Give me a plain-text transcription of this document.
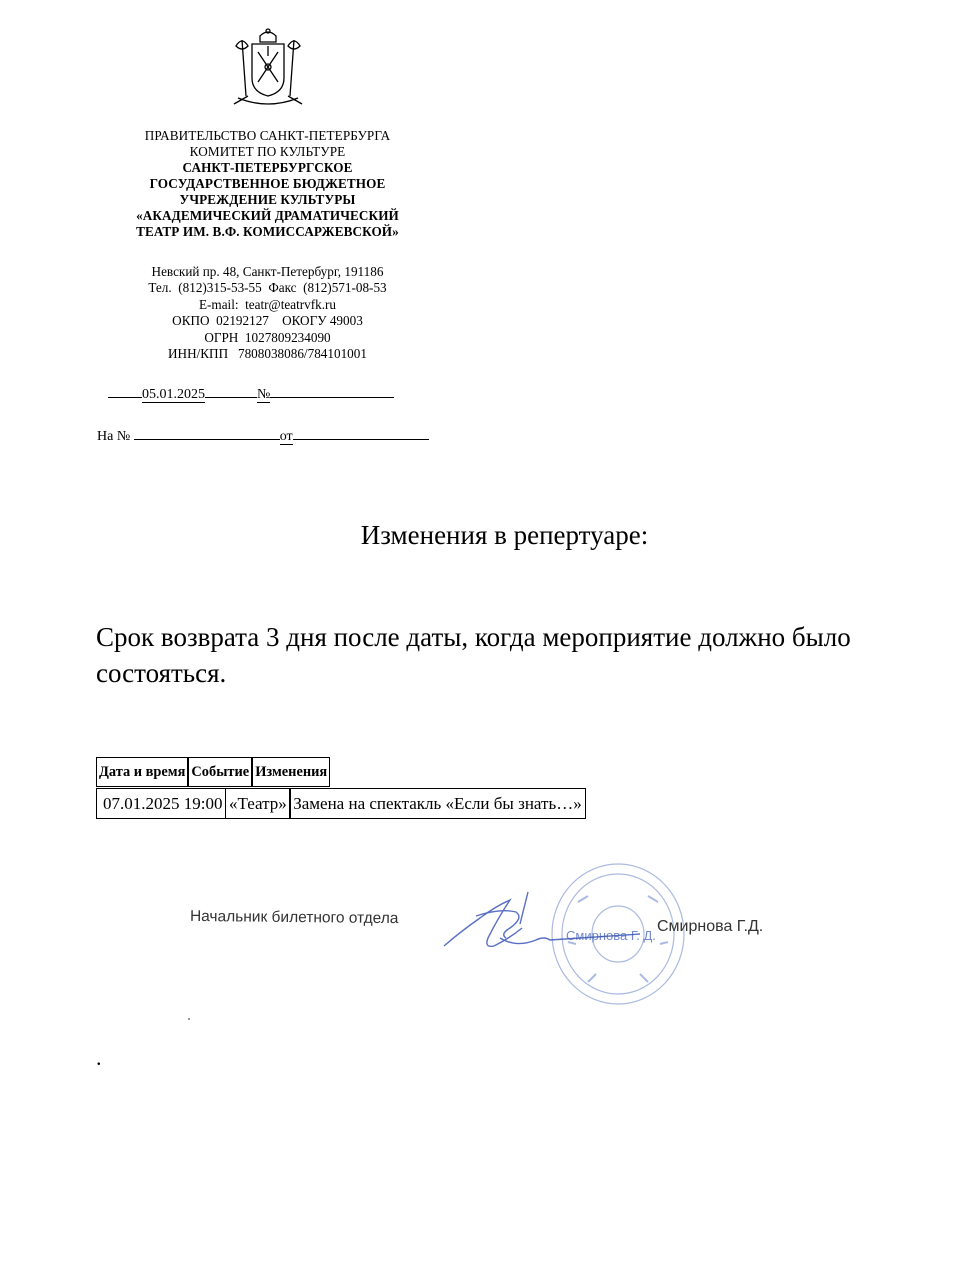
ПРАВИТЕЛЬСТВО САНКТ-ПЕТЕРБУРГА
КОМИТЕТ ПО КУЛЬТУРЕ
САНКТ-ПЕТЕРБУРГСКОЕ
ГОСУДАРСТВЕННОЕ БЮДЖЕТНОЕ
УЧРЕЖДЕНИЕ КУЛЬТУРЫ
«АКАДЕМИЧЕСКИЙ ДРАМАТИЧЕСКИЙ
ТЕАТР ИМ. В.Ф. КОМИССАРЖЕВСКОЙ»
Невский пр. 48, Санкт-Петербург, 191186
Тел.  (812)315-53-55  Факс  (812)571-08-53
E-mail:  teatr@teatrvfk.ru
ОКПО  02192127    ОКОГУ 49003
ОГРН  1027809234090
ИНН/КПП   7808038086/784101001
05.01.2025	№
На №	от
Изменения в репертуаре:
Срок возврата 3 дня после даты, когда мероприятие должно было состояться.
Дата и время	Событие	Изменения
07.01.2025 19:00 «Театр» Замена на спектакль «Если бы знать…»
Начальник билетного отдела
Смирнова Г. Д.
Смирнова Г.Д.
.
